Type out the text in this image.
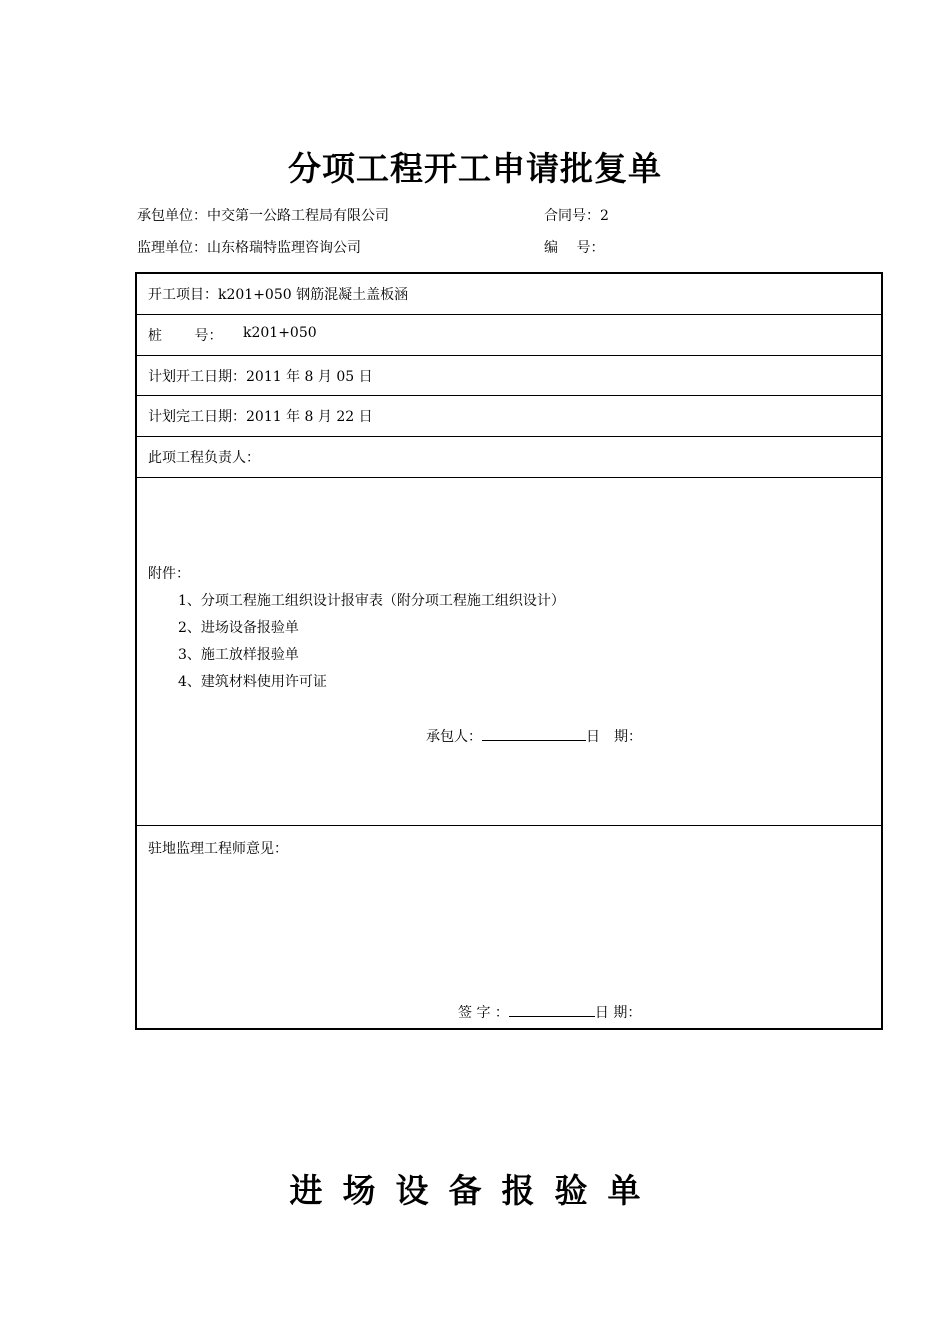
分项工程开工申请批复单
承包单位：中交第一公路工程局有限公司	合同号：2
监理单位：山东格瑞特监理咨询公司	编　 号：
开工项目：k201+050 钢筋混凝土盖板涵
桩　　 号： k201+050
计划开工日期：2011 年 8 月 05 日
计划完工日期：2011 年 8 月 22 日
此项工程负责人：
附件：
1、分项工程施工组织设计报审表（附分项工程施工组织设计）
2、进场设备报验单
3、施工放样报验单
4、建筑材料使用许可证
承包人：	日　期：
驻地监理工程师意见：
签 字 ：	日 期：
进场设备报验单
